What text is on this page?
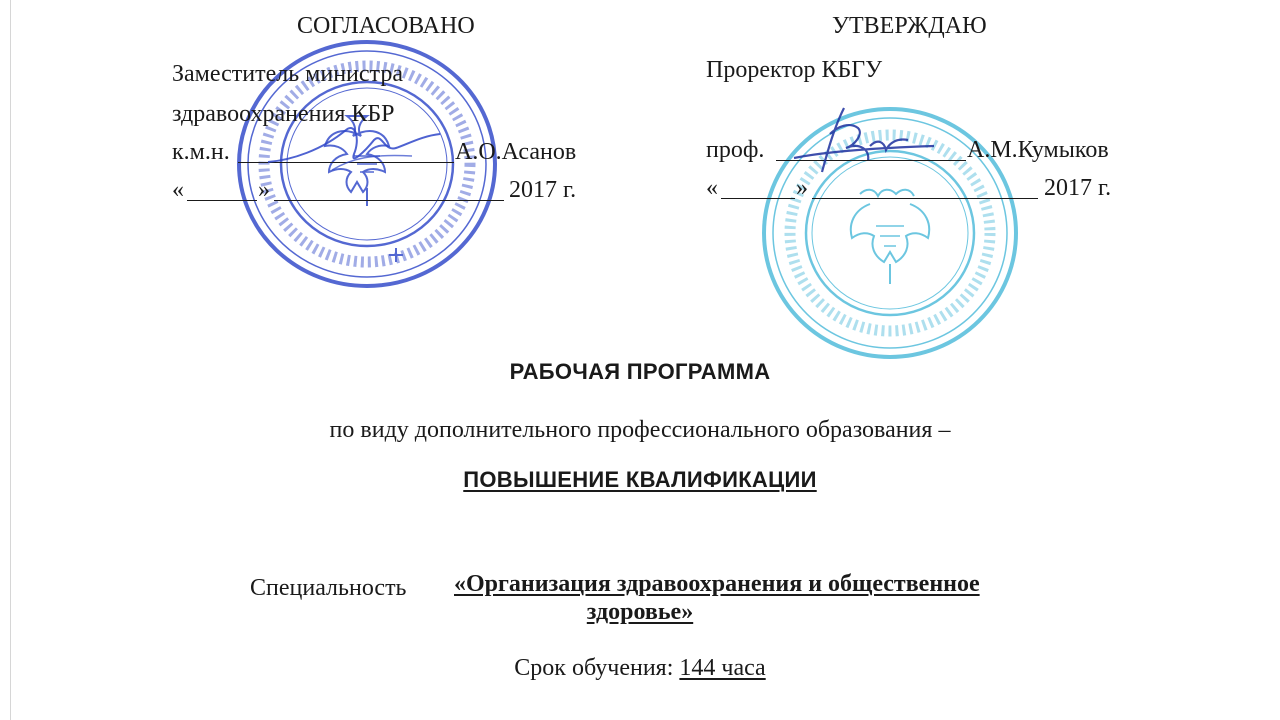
СОГЛАСОВАНО
Заместитель министра
здравоохранения КБР
к.м.н.	А.О.Асанов
«	»	2017 г.
УТВЕРЖДАЮ
Проректор КБГУ
проф.	А.М.Кумыков
«	»	2017 г.
РАБОЧАЯ ПРОГРАММА
по виду дополнительного профессионального образования –
ПОВЫШЕНИЕ КВАЛИФИКАЦИИ
Специальность «Организация здравоохранения и общественное
здоровье»
Срок обучения: 144 часа
